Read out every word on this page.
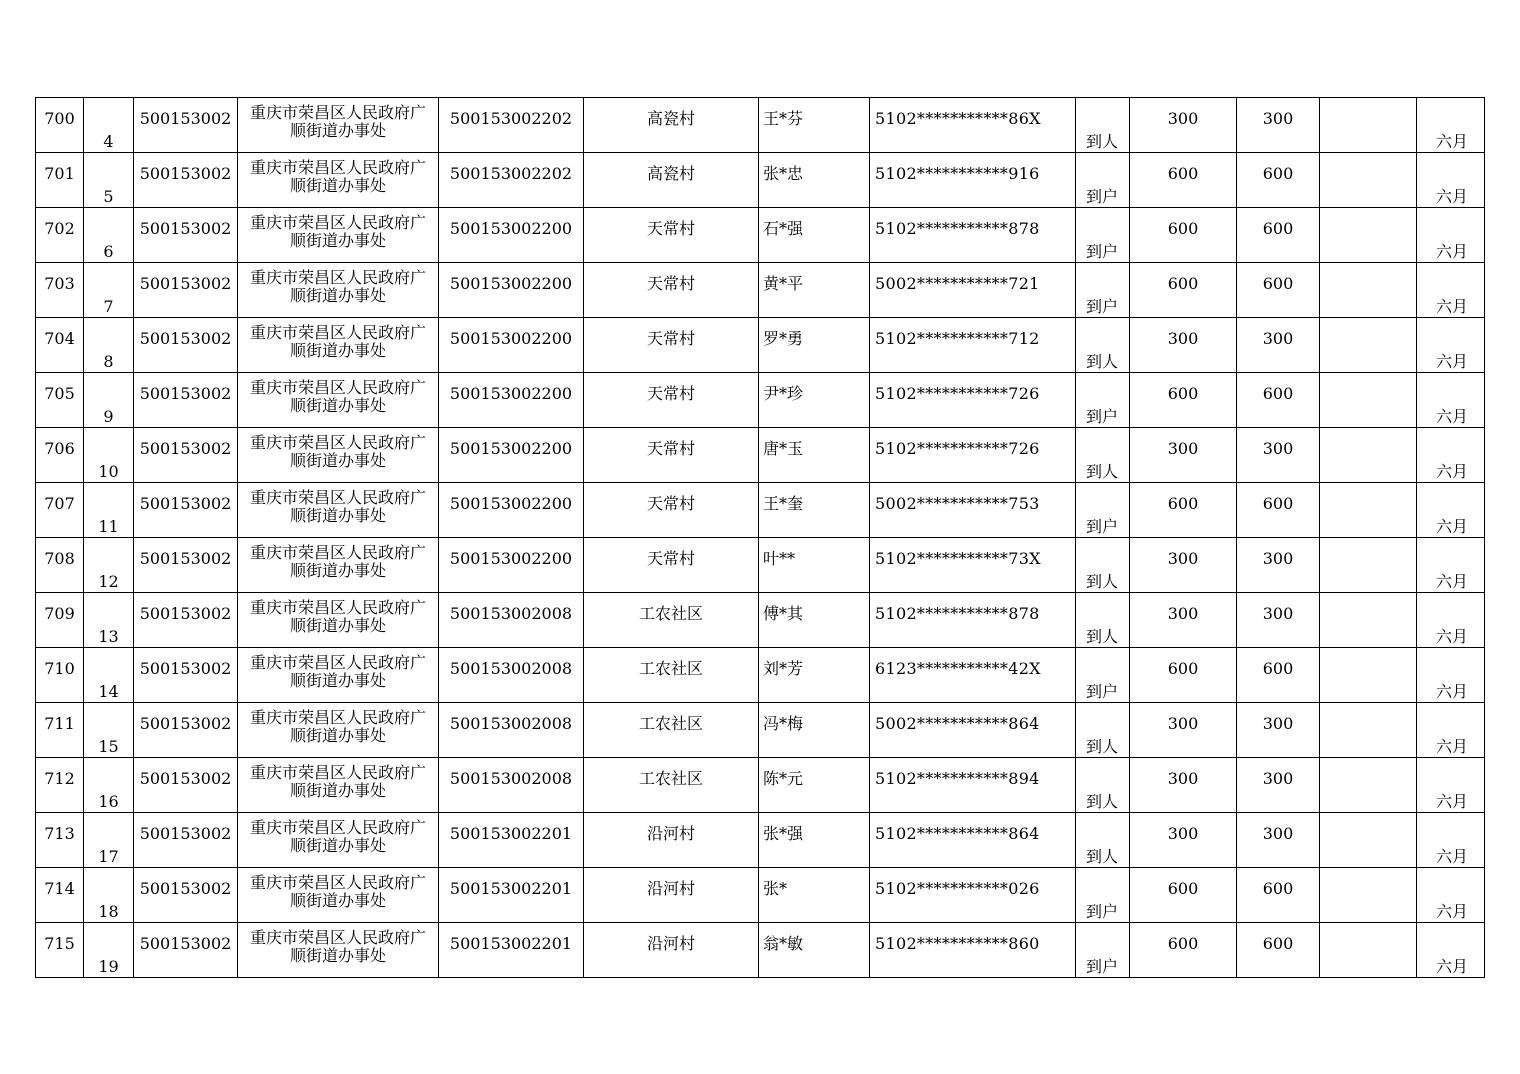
700	4	500153002	重庆市荣昌区人民政府广
顺街道办事处	500153002202	高瓷村	王*芬	5102***********86X	到人	300	300		六月
701	5	500153002	重庆市荣昌区人民政府广
顺街道办事处	500153002202	高瓷村	张*忠	5102***********916	到户	600	600		六月
702	6	500153002	重庆市荣昌区人民政府广
顺街道办事处	500153002200	天常村	石*强	5102***********878	到户	600	600		六月
703	7	500153002	重庆市荣昌区人民政府广
顺街道办事处	500153002200	天常村	黄*平	5002***********721	到户	600	600		六月
704	8	500153002	重庆市荣昌区人民政府广
顺街道办事处	500153002200	天常村	罗*勇	5102***********712	到人	300	300		六月
705	9	500153002	重庆市荣昌区人民政府广
顺街道办事处	500153002200	天常村	尹*珍	5102***********726	到户	600	600		六月
706	10	500153002	重庆市荣昌区人民政府广
顺街道办事处	500153002200	天常村	唐*玉	5102***********726	到人	300	300		六月
707	11	500153002	重庆市荣昌区人民政府广
顺街道办事处	500153002200	天常村	王*奎	5002***********753	到户	600	600		六月
708	12	500153002	重庆市荣昌区人民政府广
顺街道办事处	500153002200	天常村	叶**	5102***********73X	到人	300	300		六月
709	13	500153002	重庆市荣昌区人民政府广
顺街道办事处	500153002008	工农社区	傅*其	5102***********878	到人	300	300		六月
710	14	500153002	重庆市荣昌区人民政府广
顺街道办事处	500153002008	工农社区	刘*芳	6123***********42X	到户	600	600		六月
711	15	500153002	重庆市荣昌区人民政府广
顺街道办事处	500153002008	工农社区	冯*梅	5002***********864	到人	300	300		六月
712	16	500153002	重庆市荣昌区人民政府广
顺街道办事处	500153002008	工农社区	陈*元	5102***********894	到人	300	300		六月
713	17	500153002	重庆市荣昌区人民政府广
顺街道办事处	500153002201	沿河村	张*强	5102***********864	到人	300	300		六月
714	18	500153002	重庆市荣昌区人民政府广
顺街道办事处	500153002201	沿河村	张*	5102***********026	到户	600	600		六月
715	19	500153002	重庆市荣昌区人民政府广
顺街道办事处	500153002201	沿河村	翁*敏	5102***********860	到户	600	600		六月
